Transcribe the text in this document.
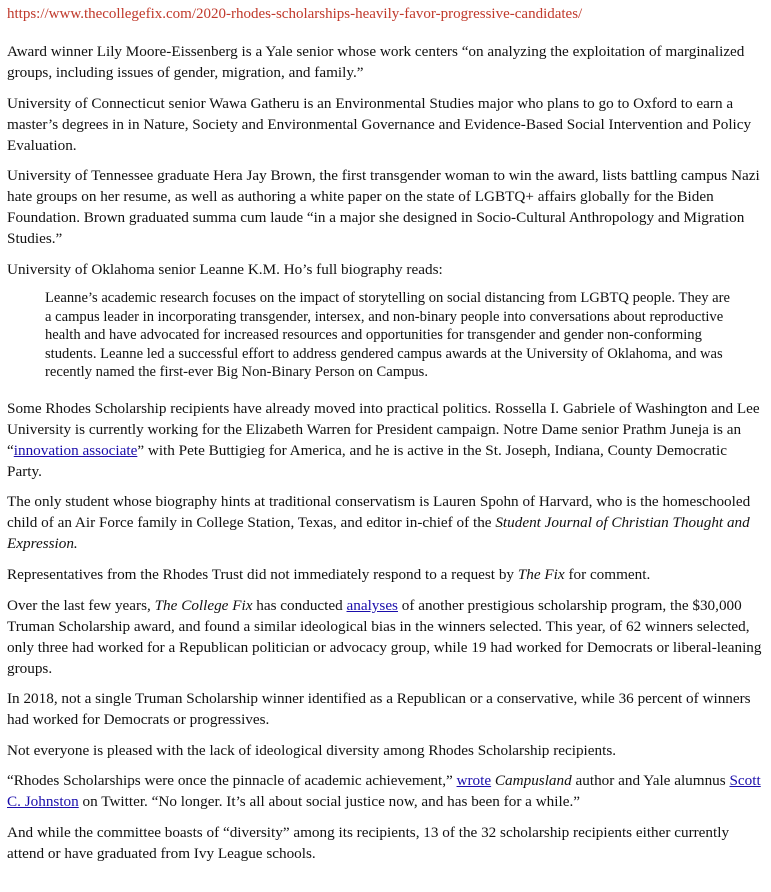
https://www.thecollegefix.com/2020-rhodes-scholarships-heavily-favor-progressive-candidates/

Award winner Lily Moore-Eissenberg is a Yale senior whose work centers “on analyzing the exploitation of marginalized groups, including issues of gender, migration, and family.”

University of Connecticut senior Wawa Gatheru is an Environmental Studies major who plans to go to Oxford to earn a master’s degrees in in Nature, Society and Environmental Governance and Evidence-Based Social Intervention and Policy Evaluation.

University of Tennessee graduate Hera Jay Brown, the first transgender woman to win the award, lists battling campus Nazi hate groups on her resume, as well as authoring a white paper on the state of LGBTQ+ affairs globally for the Biden Foundation. Brown graduated summa cum laude “in a major she designed in Socio-Cultural Anthropology and Migration Studies.”

University of Oklahoma senior Leanne K.M. Ho’s full biography reads:

Leanne’s academic research focuses on the impact of storytelling on social distancing from LGBTQ people. They are a campus leader in incorporating transgender, intersex, and non-binary people into conversations about reproductive health and have advocated for increased resources and opportunities for transgender and gender non-conforming students. Leanne led a successful effort to address gendered campus awards at the University of Oklahoma, and was recently named the first-ever Big Non-Binary Person on Campus.

Some Rhodes Scholarship recipients have already moved into practical politics. Rossella I. Gabriele of Washington and Lee University is currently working for the Elizabeth Warren for President campaign. Notre Dame senior Prathm Juneja is an “innovation associate” with Pete Buttigieg for America, and he is active in the St. Joseph, Indiana, County Democratic Party.

The only student whose biography hints at traditional conservatism is Lauren Spohn of Harvard, who is the homeschooled child of an Air Force family in College Station, Texas, and editor in-chief of the Student Journal of Christian Thought and Expression.

Representatives from the Rhodes Trust did not immediately respond to a request by The Fix for comment.

Over the last few years, The College Fix has conducted analyses of another prestigious scholarship program, the $30,000 Truman Scholarship award, and found a similar ideological bias in the winners selected. This year, of 62 winners selected, only three had worked for a Republican politician or advocacy group, while 19 had worked for Democrats or liberal-leaning groups.

In 2018, not a single Truman Scholarship winner identified as a Republican or a conservative, while 36 percent of winners had worked for Democrats or progressives.

Not everyone is pleased with the lack of ideological diversity among Rhodes Scholarship recipients.

“Rhodes Scholarships were once the pinnacle of academic achievement,” wrote Campusland author and Yale alumnus Scott C. Johnston on Twitter. “No longer. It’s all about social justice now, and has been for a while.”

And while the committee boasts of “diversity” among its recipients, 13 of the 32 scholarship recipients either currently attend or have graduated from Ivy League schools.
